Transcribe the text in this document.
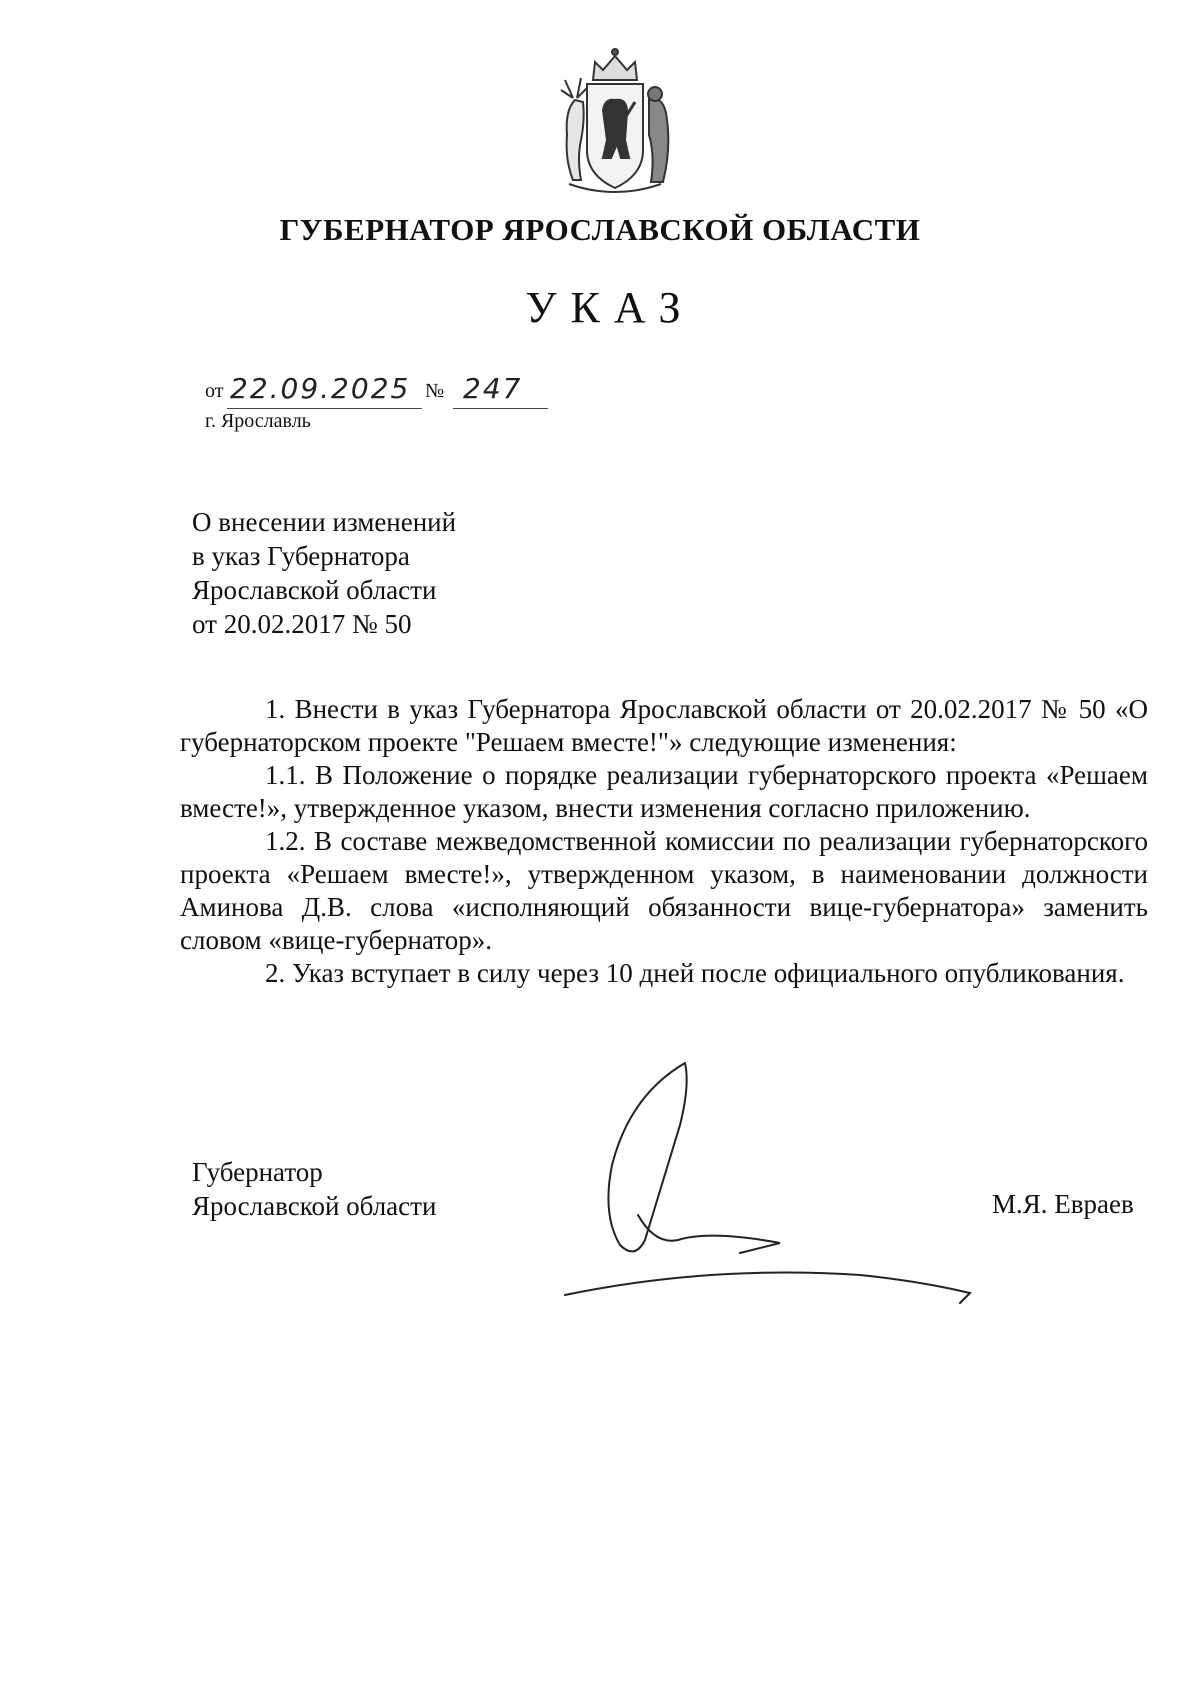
ГУБЕРНАТОР ЯРОСЛАВСКОЙ ОБЛАСТИ
УКАЗ
от 22.09.2025 № 247
г. Ярославль
О внесении изменений
в указ Губернатора
Ярославской области
от 20.02.2017 № 50

1. Внести в указ Губернатора Ярославской области от 20.02.2017 № 50 «О губернаторском проекте "Решаем вместе!"» следующие изменения:

1.1. В Положение о порядке реализации губернаторского проекта «Решаем вместе!», утвержденное указом, внести изменения согласно приложению.

1.2. В составе межведомственной комиссии по реализации губернаторского проекта «Решаем вместе!», утвержденном указом, в наименовании должности Аминова Д.В. слова «исполняющий обязанности вице-губернатора» заменить словом «вице-губернатор».

2. Указ вступает в силу через 10 дней после официального опубликования.

Губернатор
Ярославской области	М.Я. Евраев
